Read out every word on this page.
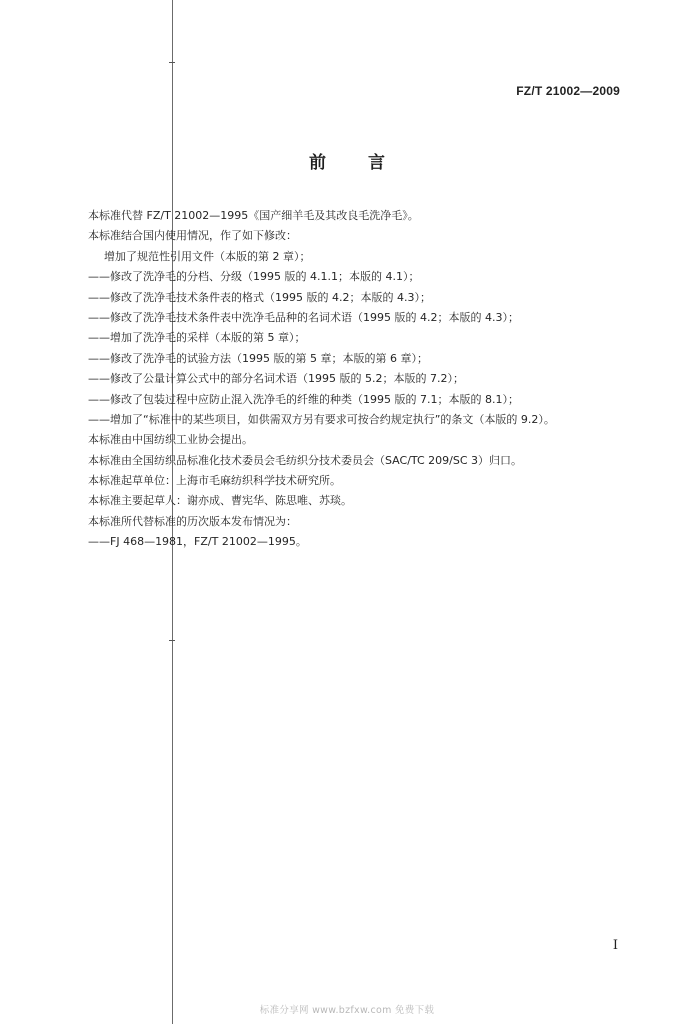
FZ/T 21002—2009
前言
本标准代替 FZ/T 21002—1995《国产细羊毛及其改良毛洗净毛》。
本标准结合国内使用情况，作了如下修改：
增加了规范性引用文件（本版的第 2 章）；
——修改了洗净毛的分档、分级（1995 版的 4.1.1；本版的 4.1）；
——修改了洗净毛技术条件表的格式（1995 版的 4.2；本版的 4.3）；
——修改了洗净毛技术条件表中洗净毛品种的名词术语（1995 版的 4.2；本版的 4.3）；
——增加了洗净毛的采样（本版的第 5 章）；
——修改了洗净毛的试验方法（1995 版的第 5 章；本版的第 6 章）；
——修改了公量计算公式中的部分名词术语（1995 版的 5.2；本版的 7.2）；
——修改了包装过程中应防止混入洗净毛的纤维的种类（1995 版的 7.1；本版的 8.1）；
——增加了“标准中的某些项目，如供需双方另有要求可按合约规定执行”的条文（本版的 9.2）。
本标准由中国纺织工业协会提出。
本标准由全国纺织品标准化技术委员会毛纺织分技术委员会（SAC/TC 209/SC 3）归口。
本标准起草单位：上海市毛麻纺织科学技术研究所。
本标准主要起草人：谢亦成、曹宪华、陈思唯、苏琰。
本标准所代替标准的历次版本发布情况为：
——FJ 468—1981，FZ/T 21002—1995。
I
标准分享网 www.bzfxw.com 免费下载
